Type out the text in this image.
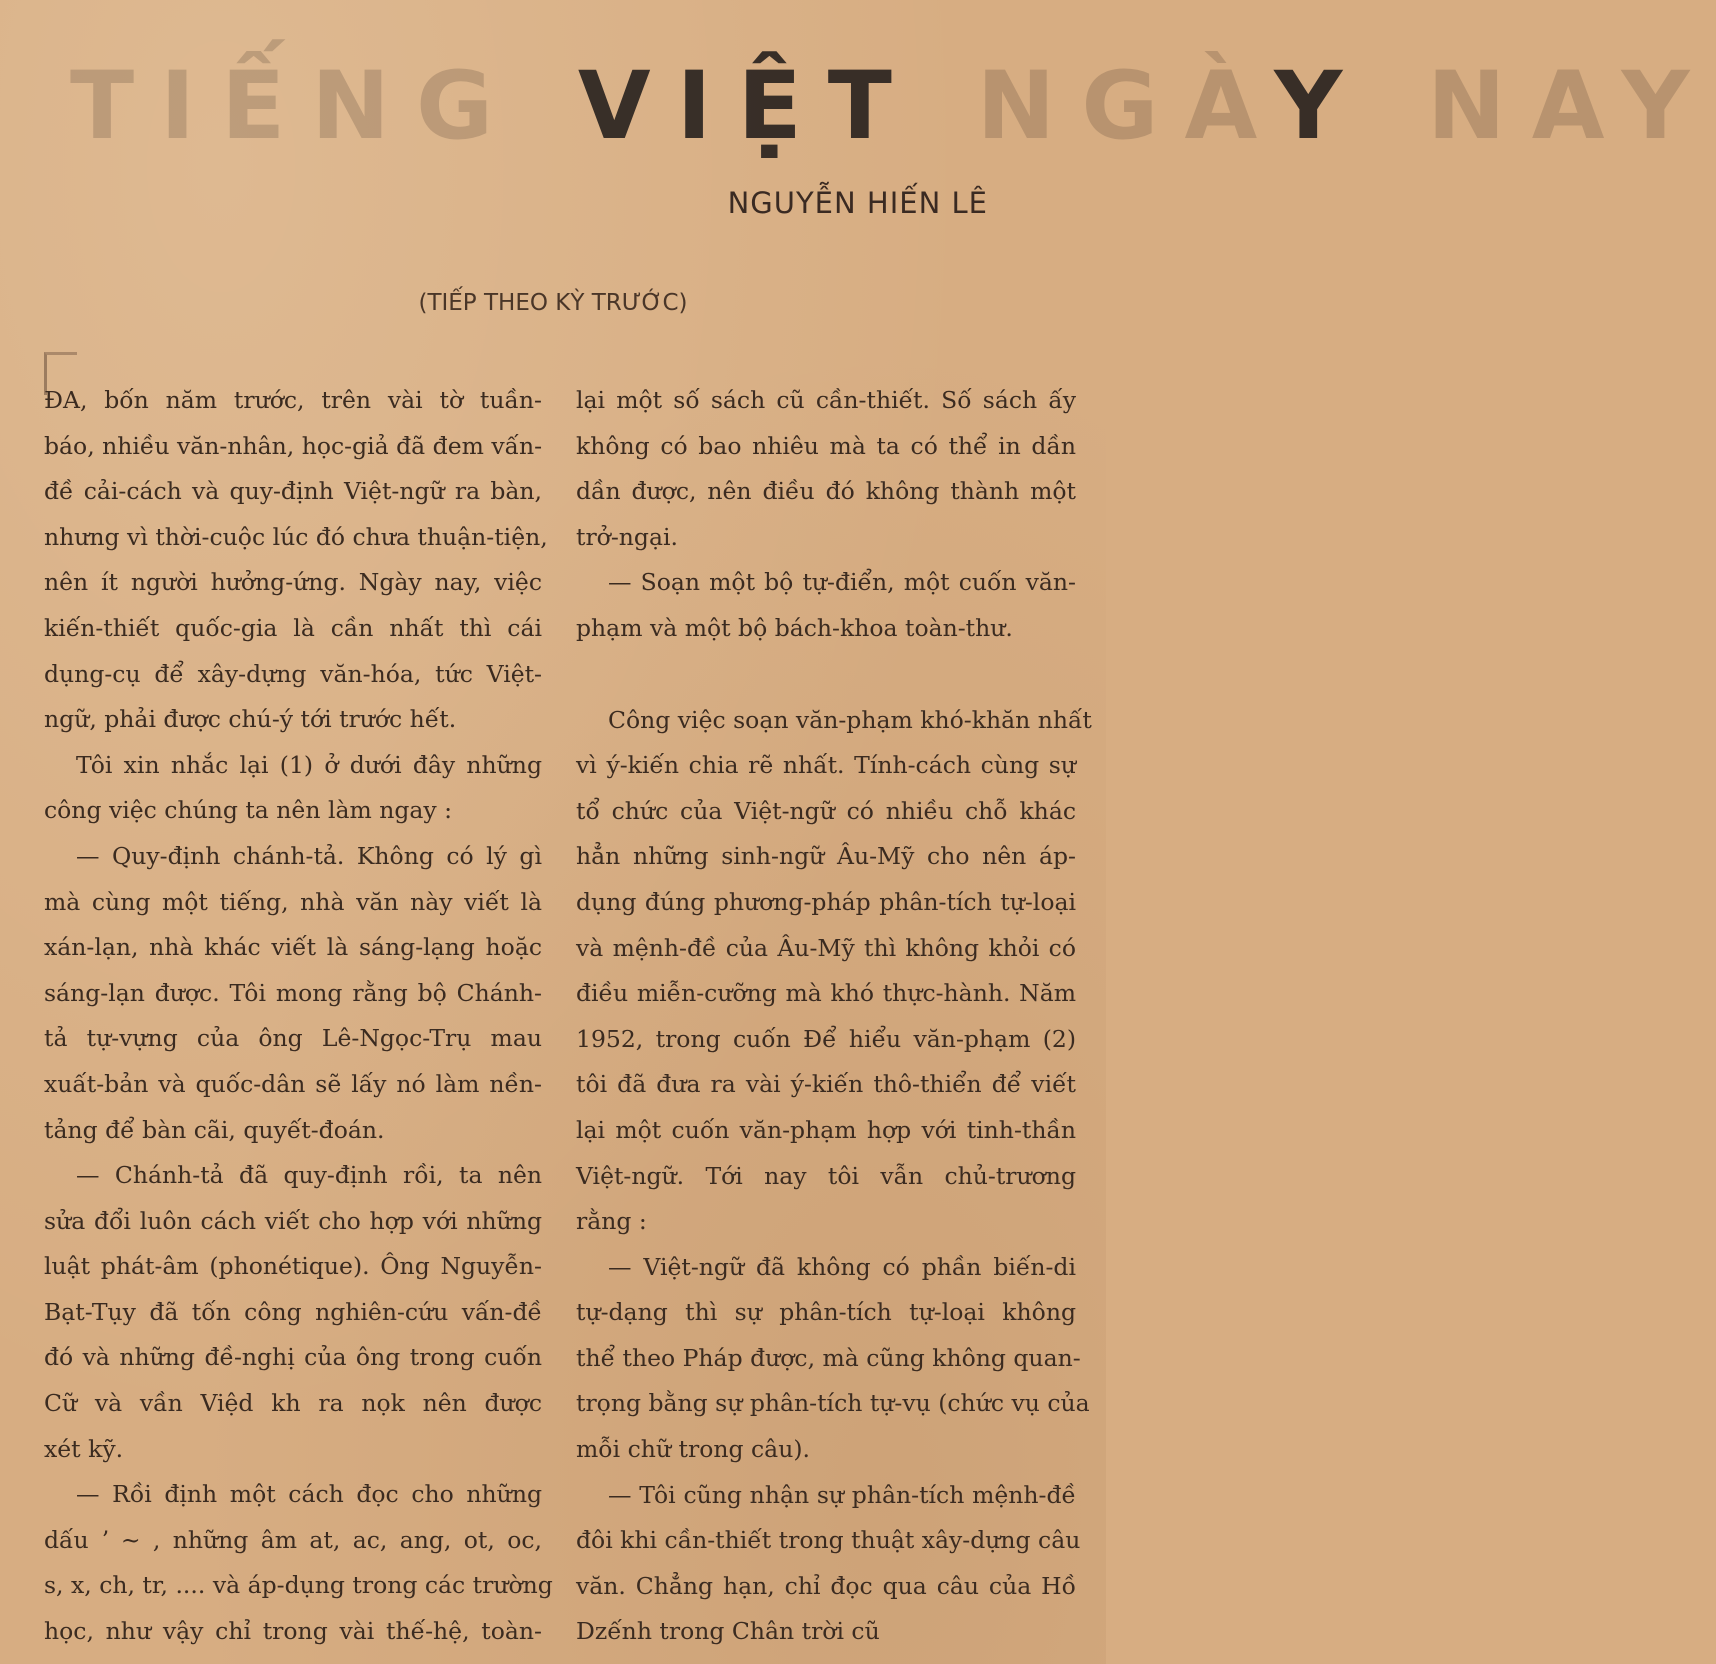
TIẾNG VIỆT NGÀY NAY
NGUYỄN HIẾN LÊ
(TIẾP THEO KỲ TRƯỚC)
ĐA, bốn năm trước, trên vài tờ tuần-
báo, nhiều văn-nhân, học-giả đã đem vấn-
đề cải-cách và quy-định Việt-ngữ ra bàn,
nhưng vì thời-cuộc lúc đó chưa thuận-tiện,
nên ít người hưởng-ứng. Ngày nay, việc
kiến-thiết quốc-gia là cần nhất thì cái
dụng-cụ để xây-dựng văn-hóa, tức Việt-
ngữ, phải được chú-ý tới trước hết.
Tôi xin nhắc lại (1) ở dưới đây những
công việc chúng ta nên làm ngay :
— Quy-định chánh-tả. Không có lý gì
mà cùng một tiếng, nhà văn này viết là
xán-lạn, nhà khác viết là sáng-lạng hoặc
sáng-lạn được. Tôi mong rằng bộ Chánh-
tả tự-vựng của ông Lê-Ngọc-Trụ mau
xuất-bản và quốc-dân sẽ lấy nó làm nền-
tảng để bàn cãi, quyết-đoán.
— Chánh-tả đã quy-định rồi, ta nên
sửa đổi luôn cách viết cho hợp với những
luật phát-âm (phonétique). Ông Nguyễn-
Bạt-Tụy đã tốn công nghiên-cứu vấn-đề
đó và những đề-nghị của ông trong cuốn
Cữ và vần Việd kh ra nọk nên được
xét kỹ.
— Rồi định một cách đọc cho những
dấu ʼ ~ , những âm at, ac, ang, ot, oc,
s, x, ch, tr, .... và áp-dụng trong các trường
học, như vậy chỉ trong vài thế-hệ, toàn-
lại một số sách cũ cần-thiết. Số sách ấy
không có bao nhiêu mà ta có thể in dần
dần được, nên điều đó không thành một
trở-ngại.
— Soạn một bộ tự-điển, một cuốn văn-
phạm và một bộ bách-khoa toàn-thư.
Công việc soạn văn-phạm khó-khăn nhất
vì ý-kiến chia rẽ nhất. Tính-cách cùng sự
tổ chức của Việt-ngữ có nhiều chỗ khác
hẳn những sinh-ngữ Âu-Mỹ cho nên áp-
dụng đúng phương-pháp phân-tích tự-loại
và mệnh-đề của Âu-Mỹ thì không khỏi có
điều miễn-cưỡng mà khó thực-hành. Năm
1952, trong cuốn Để hiểu văn-phạm (2)
tôi đã đưa ra vài ý-kiến thô-thiển để viết
lại một cuốn văn-phạm hợp với tinh-thần
Việt-ngữ. Tới nay tôi vẫn chủ-trương
rằng :
— Việt-ngữ đã không có phần biến-di
tự-dạng thì sự phân-tích tự-loại không
thể theo Pháp được, mà cũng không quan-
trọng bằng sự phân-tích tự-vụ (chức vụ của
mỗi chữ trong câu).
— Tôi cũng nhận sự phân-tích mệnh-đề
đôi khi cần-thiết trong thuật xây-dựng câu
văn. Chẳng hạn, chỉ đọc qua câu của Hồ
Dzếnh trong Chân trời cũ
